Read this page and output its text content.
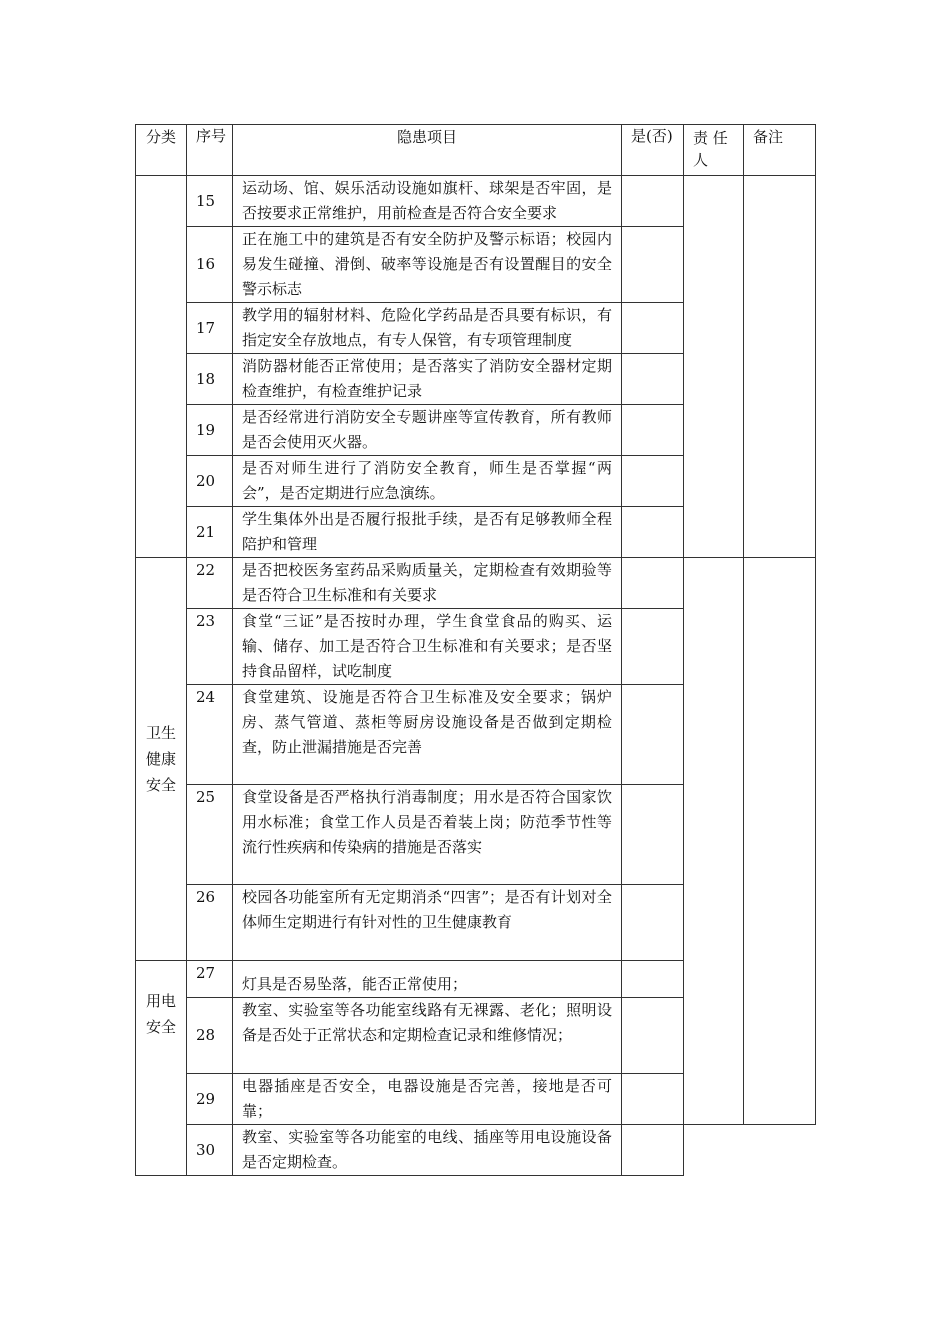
分类	序号	隐患项目	是(否)	责 任 人	备注
	15	运动场、馆、娱乐活动设施如旗杆、球架是否牢固，是否按要求正常维护，用前检查是否符合安全要求			
	16	正在施工中的建筑是否有安全防护及警示标语；校园内易发生碰撞、滑倒、破率等设施是否有设置醒目的安全警示标志			
	17	教学用的辐射材料、危险化学药品是否具要有标识，有指定安全存放地点，有专人保管，有专项管理制度			
	18	消防器材能否正常使用；是否落实了消防安全器材定期检查维护，有检查维护记录			
	19	是否经常进行消防安全专题讲座等宣传教育，所有教师是否会使用灭火器。			
	20	是否对师生进行了消防安全教育，师生是否掌握“两会”，是否定期进行应急演练。			
	21	学生集体外出是否履行报批手续，是否有足够教师全程陪护和管理			
卫生健康安全	22	是否把校医务室药品采购质量关，定期检查有效期验等是否符合卫生标准和有关要求			
	23	食堂“三证”是否按时办理，学生食堂食品的购买、运输、储存、加工是否符合卫生标准和有关要求；是否坚持食品留样，试吃制度			
	24	食堂建筑、设施是否符合卫生标准及安全要求；锅炉房、蒸气管道、蒸柜等厨房设施设备是否做到定期检查，防止泄漏措施是否完善			
	25	食堂设备是否严格执行消毒制度；用水是否符合国家饮用水标准；食堂工作人员是否着装上岗；防范季节性等流行性疾病和传染病的措施是否落实			
	26	校园各功能室所有无定期消杀“四害”；是否有计划对全体师生定期进行有针对性的卫生健康教育			
用电安全	27	灯具是否易坠落，能否正常使用；			
	28	教室、实验室等各功能室线路有无裸露、老化；照明设备是否处于正常状态和定期检查记录和维修情况；			
	29	电器插座是否安全，电器设施是否完善，接地是否可靠；			
	30	教室、实验室等各功能室的电线、插座等用电设施设备是否定期检查。			
